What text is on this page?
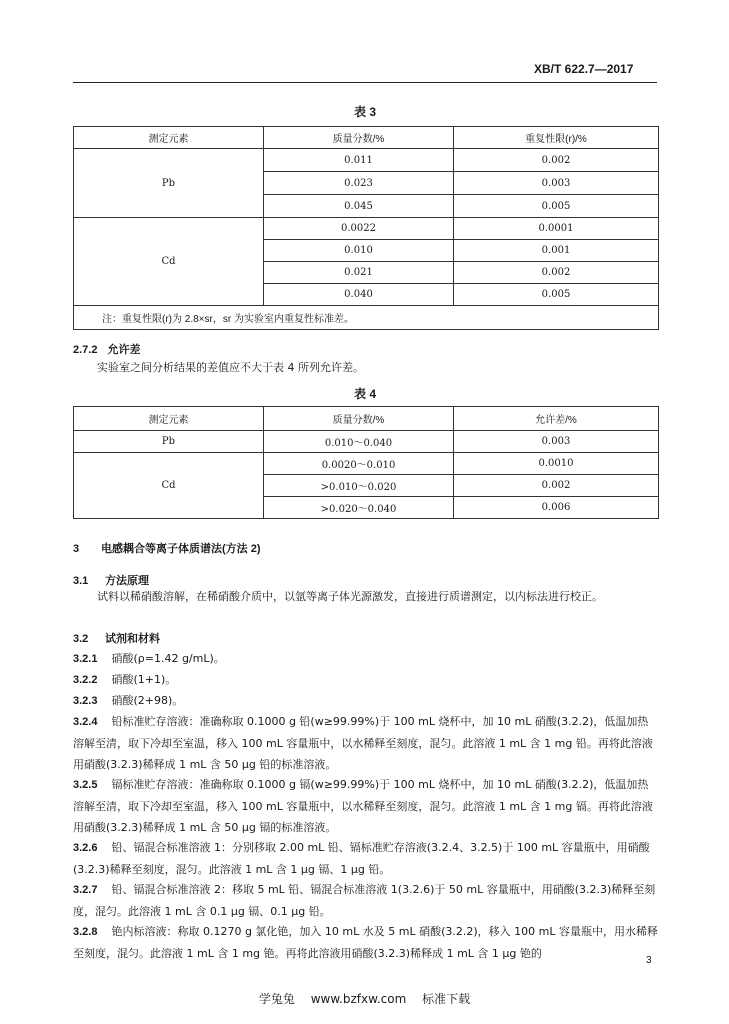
XB/T 622.7—2017
表 3
测定元素	质量分数/%	重复性限(r)/%
Pb	0.011	0.002
	0.023	0.003
	0.045	0.005
Cd	0.0022	0.0001
	0.010	0.001
	0.021	0.002
	0.040	0.005
注：重复性限(r)为 2.8×sr，sr 为实验室内重复性标准差。		
2.7.2 允许差
实验室之间分析结果的差值应不大于表 4 所列允许差。
表 4
测定元素	质量分数/%	允许差/%
Pb	0.010～0.040	0.003
Cd	0.0020～0.010	0.0010
	>0.010～0.020	0.002
	>0.020～0.040	0.006
3 电感耦合等离子体质谱法(方法 2)
3.1 方法原理
试料以稀硝酸溶解，在稀硝酸介质中，以氩等离子体光源激发，直接进行质谱测定，以内标法进行校正。
3.2 试剂和材料
3.2.1 硝酸(ρ=1.42 g/mL)。
3.2.2 硝酸(1+1)。
3.2.3 硝酸(2+98)。
3.2.4 铅标准贮存溶液：准确称取 0.1000 g 铅(w≥99.99%)于 100 mL 烧杯中，加 10 mL 硝酸(3.2.2)，低温加热溶解至清，取下冷却至室温，移入 100 mL 容量瓶中，以水稀释至刻度，混匀。此溶液 1 mL 含 1 mg 铅。再将此溶液用硝酸(3.2.3)稀释成 1 mL 含 50 μg 铅的标准溶液。
3.2.5 镉标准贮存溶液：准确称取 0.1000 g 镉(w≥99.99%)于 100 mL 烧杯中，加 10 mL 硝酸(3.2.2)，低温加热溶解至清，取下冷却至室温，移入 100 mL 容量瓶中，以水稀释至刻度，混匀。此溶液 1 mL 含 1 mg 镉。再将此溶液用硝酸(3.2.3)稀释成 1 mL 含 50 μg 镉的标准溶液。
3.2.6 铅、镉混合标准溶液 1：分别移取 2.00 mL 铅、镉标准贮存溶液(3.2.4、3.2.5)于 100 mL 容量瓶中，用硝酸(3.2.3)稀释至刻度，混匀。此溶液 1 mL 含 1 μg 镉、1 μg 铅。
3.2.7 铅、镉混合标准溶液 2：移取 5 mL 铅、镉混合标准溶液 1(3.2.6)于 50 mL 容量瓶中，用硝酸(3.2.3)稀释至刻度，混匀。此溶液 1 mL 含 0.1 μg 镉、0.1 μg 铅。
3.2.8 铯内标溶液：称取 0.1270 g 氯化铯，加入 10 mL 水及 5 mL 硝酸(3.2.2)，移入 100 mL 容量瓶中，用水稀释至刻度，混匀。此溶液 1 mL 含 1 mg 铯。再将此溶液用硝酸(3.2.3)稀释成 1 mL 含 1 μg 铯的
3
学兔兔 www.bzfxw.com 标准下载
